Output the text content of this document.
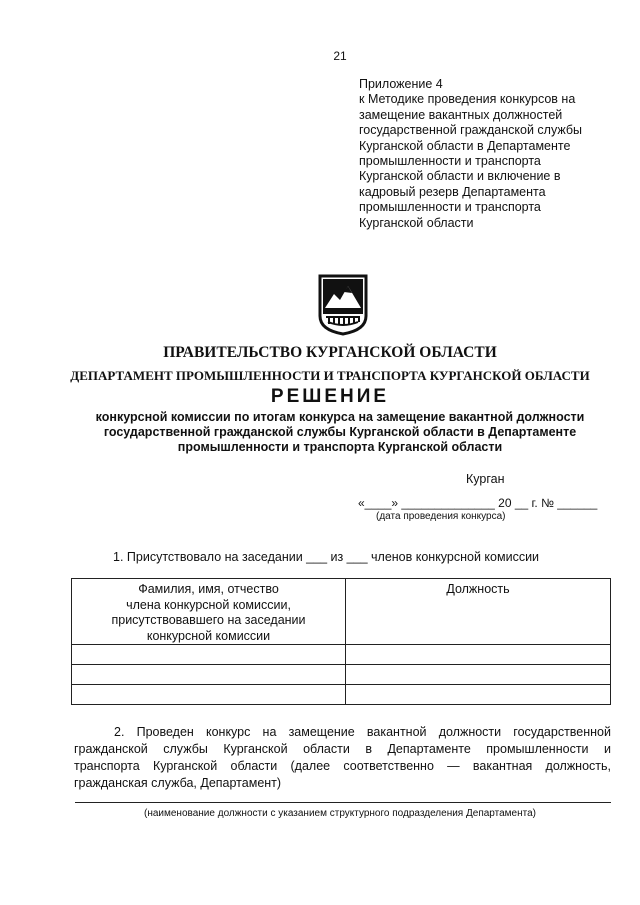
21
Приложение 4
к Методике проведения конкурсов на
замещение вакантных должностей
государственной гражданской службы
Курганской области в Департаменте
промышленности и транспорта
Курганской области и включение в
кадровый резерв Департамента
промышленности и транспорта
Курганской области
ПРАВИТЕЛЬСТВО КУРГАНСКОЙ ОБЛАСТИ
ДЕПАРТАМЕНТ ПРОМЫШЛЕННОСТИ И ТРАНСПОРТА КУРГАНСКОЙ ОБЛАСТИ
РЕШЕНИЕ
конкурсной комиссии по итогам конкурса на замещение вакантной должности
государственной гражданской службы Курганской области в Департаменте
промышленности и транспорта Курганской области
Курган
«____» ______________ 20 __ г. № ______
(дата проведения конкурса)
1. Присутствовало на заседании ___ из ___ членов конкурсной комиссии
Фамилия, имя, отчество
члена конкурсной комиссии,
присутствовавшего на заседании
конкурсной комиссии	Должность

2. Проведен конкурс на замещение вакантной должности государственной
гражданской службы Курганской области в Департаменте промышленности и
транспорта Курганской области (далее соответственно — вакантная должность,
гражданская служба, Департамент)
(наименование должности с указанием структурного подразделения Департамента)
